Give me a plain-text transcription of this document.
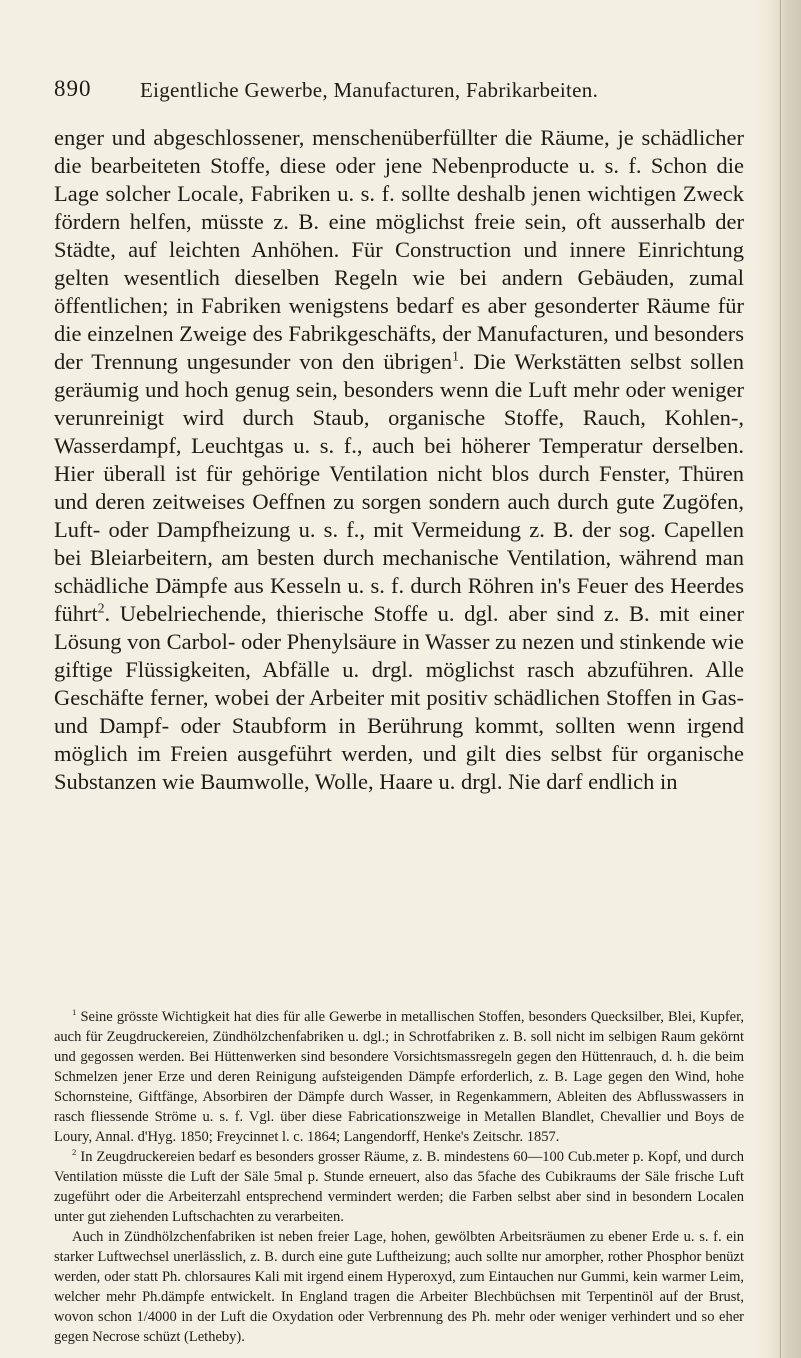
890 Eigentliche Gewerbe, Manufacturen, Fabrikarbeiten.

enger und abgeschlossener, menschenüberfüllter die Räume, je schädlicher die bearbeiteten Stoffe, diese oder jene Nebenproducte u. s. f. Schon die Lage solcher Locale, Fabriken u. s. f. sollte deshalb jenen wichtigen Zweck fördern helfen, müsste z. B. eine möglichst freie sein, oft ausserhalb der Städte, auf leichten Anhöhen. Für Construction und innere Einrichtung gelten wesentlich dieselben Regeln wie bei andern Gebäuden, zumal öffentlichen; in Fabriken wenigstens bedarf es aber gesonderter Räume für die einzelnen Zweige des Fabrikgeschäfts, der Manufacturen, und besonders der Trennung ungesunder von den übrigen$^1$. Die Werkstätten selbst sollen geräumig und hoch genug sein, besonders wenn die Luft mehr oder weniger verunreinigt wird durch Staub, organische Stoffe, Rauch, Kohlen-, Wasserdampf, Leuchtgas u. s. f., auch bei höherer Temperatur derselben. Hier überall ist für gehörige Ventilation nicht blos durch Fenster, Thüren und deren zeitweises Oeffnen zu sorgen sondern auch durch gute Zugöfen, Luft- oder Dampfheizung u. s. f., mit Vermeidung z. B. der sog. Capellen bei Bleiarbeitern, am besten durch mechanische Ventilation, während man schädliche Dämpfe aus Kesseln u. s. f. durch Röhren in's Feuer des Heerdes führt$^2$. Uebelriechende, thierische Stoffe u. dgl. aber sind z. B. mit einer Lösung von Carbol- oder Phenylsäure in Wasser zu nezen und stinkende wie giftige Flüssigkeiten, Abfälle u. drgl. möglichst rasch abzuführen. Alle Geschäfte ferner, wobei der Arbeiter mit positiv schädlichen Stoffen in Gas- und Dampf- oder Staubform in Berührung kommt, sollten wenn irgend möglich im Freien ausgeführt werden, und gilt dies selbst für organische Substanzen wie Baumwolle, Wolle, Haare u. drgl. Nie darf endlich in

$^1$ Seine grösste Wichtigkeit hat dies für alle Gewerbe in metallischen Stoffen, besonders Quecksilber, Blei, Kupfer, auch für Zeugdruckereien, Zündhölzchenfabriken u. dgl.; in Schrotfabriken z. B. soll nicht im selbigen Raum gekörnt und gegossen werden. Bei Hüttenwerken sind besondere Vorsichtsmassregeln gegen den Hüttenrauch, d. h. die beim Schmelzen jener Erze und deren Reinigung aufsteigenden Dämpfe erforderlich, z. B. Lage gegen den Wind, hohe Schornsteine, Giftfänge, Absorbiren der Dämpfe durch Wasser, in Regenkammern, Ableiten des Abflusswassers in rasch fliessende Ströme u. s. f. Vgl. über diese Fabricationszweige in Metallen Blandlet, Chevallier und Boys de Loury, Annal. d'Hyg. 1850; Freycinnet l. c. 1864; Langendorff, Henke's Zeitschr. 1857.

$^2$ In Zeugdruckereien bedarf es besonders grosser Räume, z. B. mindestens 60—100 Cub.meter p. Kopf, und durch Ventilation müsste die Luft der Säle 5mal p. Stunde erneuert, also das 5fache des Cubikraums der Säle frische Luft zugeführt oder die Arbeiterzahl entsprechend vermindert werden; die Farben selbst aber sind in besondern Localen unter gut ziehenden Luftschachten zu verarbeiten.

Auch in Zündhölzchenfabriken ist neben freier Lage, hohen, gewölbten Arbeitsräumen zu ebener Erde u. s. f. ein starker Luftwechsel unerlässlich, z. B. durch eine gute Luftheizung; auch sollte nur amorpher, rother Phosphor benüzt werden, oder statt Ph. chlorsaures Kali mit irgend einem Hyperoxyd, zum Eintauchen nur Gummi, kein warmer Leim, welcher mehr Ph.dämpfe entwickelt. In England tragen die Arbeiter Blechbüchsen mit Terpentinöl auf der Brust, wovon schon 1/4000 in der Luft die Oxydation oder Verbrennung des Ph. mehr oder weniger verhindert und so eher gegen Necrose schüzt (Letheby).
